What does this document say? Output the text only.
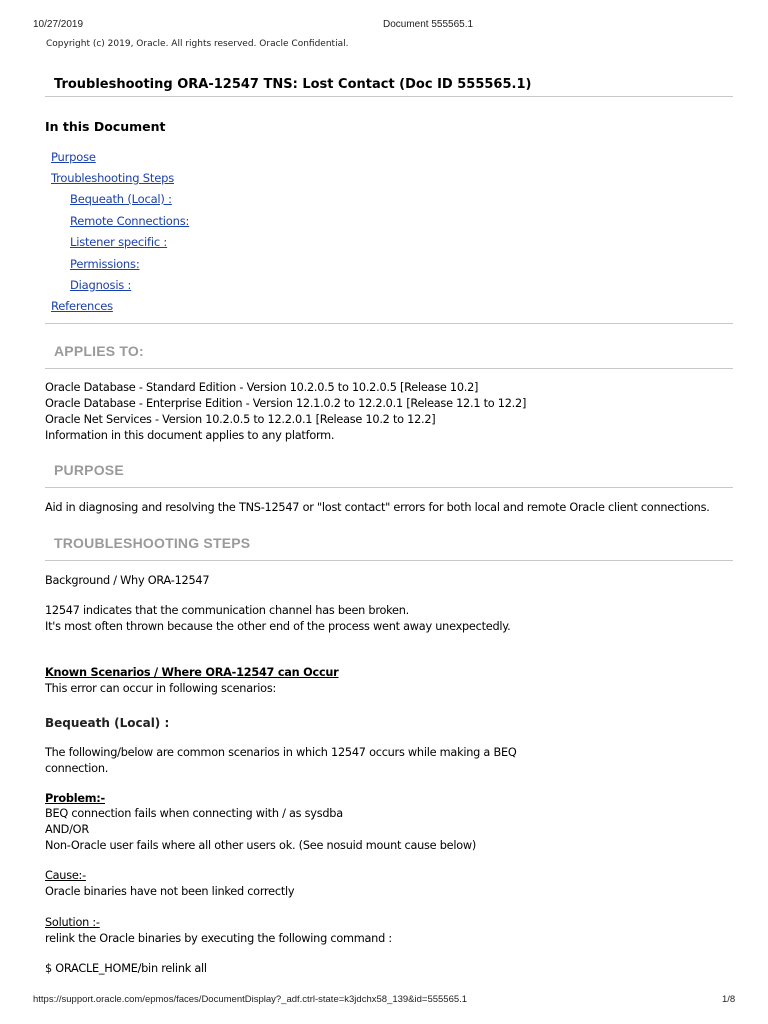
10/27/2019	Document 555565.1
Copyright (c) 2019, Oracle. All rights reserved. Oracle Confidential.
Troubleshooting ORA-12547 TNS: Lost Contact (Doc ID 555565.1)
In this Document
Purpose
Troubleshooting Steps
Bequeath (Local) :
Remote Connections:
Listener specific :
Permissions:
Diagnosis :
References
APPLIES TO:
Oracle Database - Standard Edition - Version 10.2.0.5 to 10.2.0.5 [Release 10.2]
Oracle Database - Enterprise Edition - Version 12.1.0.2 to 12.2.0.1 [Release 12.1 to 12.2]
Oracle Net Services - Version 10.2.0.5 to 12.2.0.1 [Release 10.2 to 12.2]
Information in this document applies to any platform.
PURPOSE
Aid in diagnosing and resolving the TNS-12547 or "lost contact" errors for both local and remote Oracle client connections.
TROUBLESHOOTING STEPS
Background / Why ORA-12547
12547 indicates that the communication channel has been broken.
It's most often thrown because the other end of the process went away unexpectedly.
Known Scenarios / Where ORA-12547 can Occur
This error can occur in following scenarios:
Bequeath (Local) :
The following/below are common scenarios in which 12547 occurs while making a BEQ
connection.
Problem:-
BEQ connection fails when connecting with / as sysdba
AND/OR
Non-Oracle user fails where all other users ok. (See nosuid mount cause below)
Cause:-
Oracle binaries have not been linked correctly
Solution :-
relink the Oracle binaries by executing the following command :
$ ORACLE_HOME/bin relink all
https://support.oracle.com/epmos/faces/DocumentDisplay?_adf.ctrl-state=k3jdchx58_139&id=555565.1	1/8
